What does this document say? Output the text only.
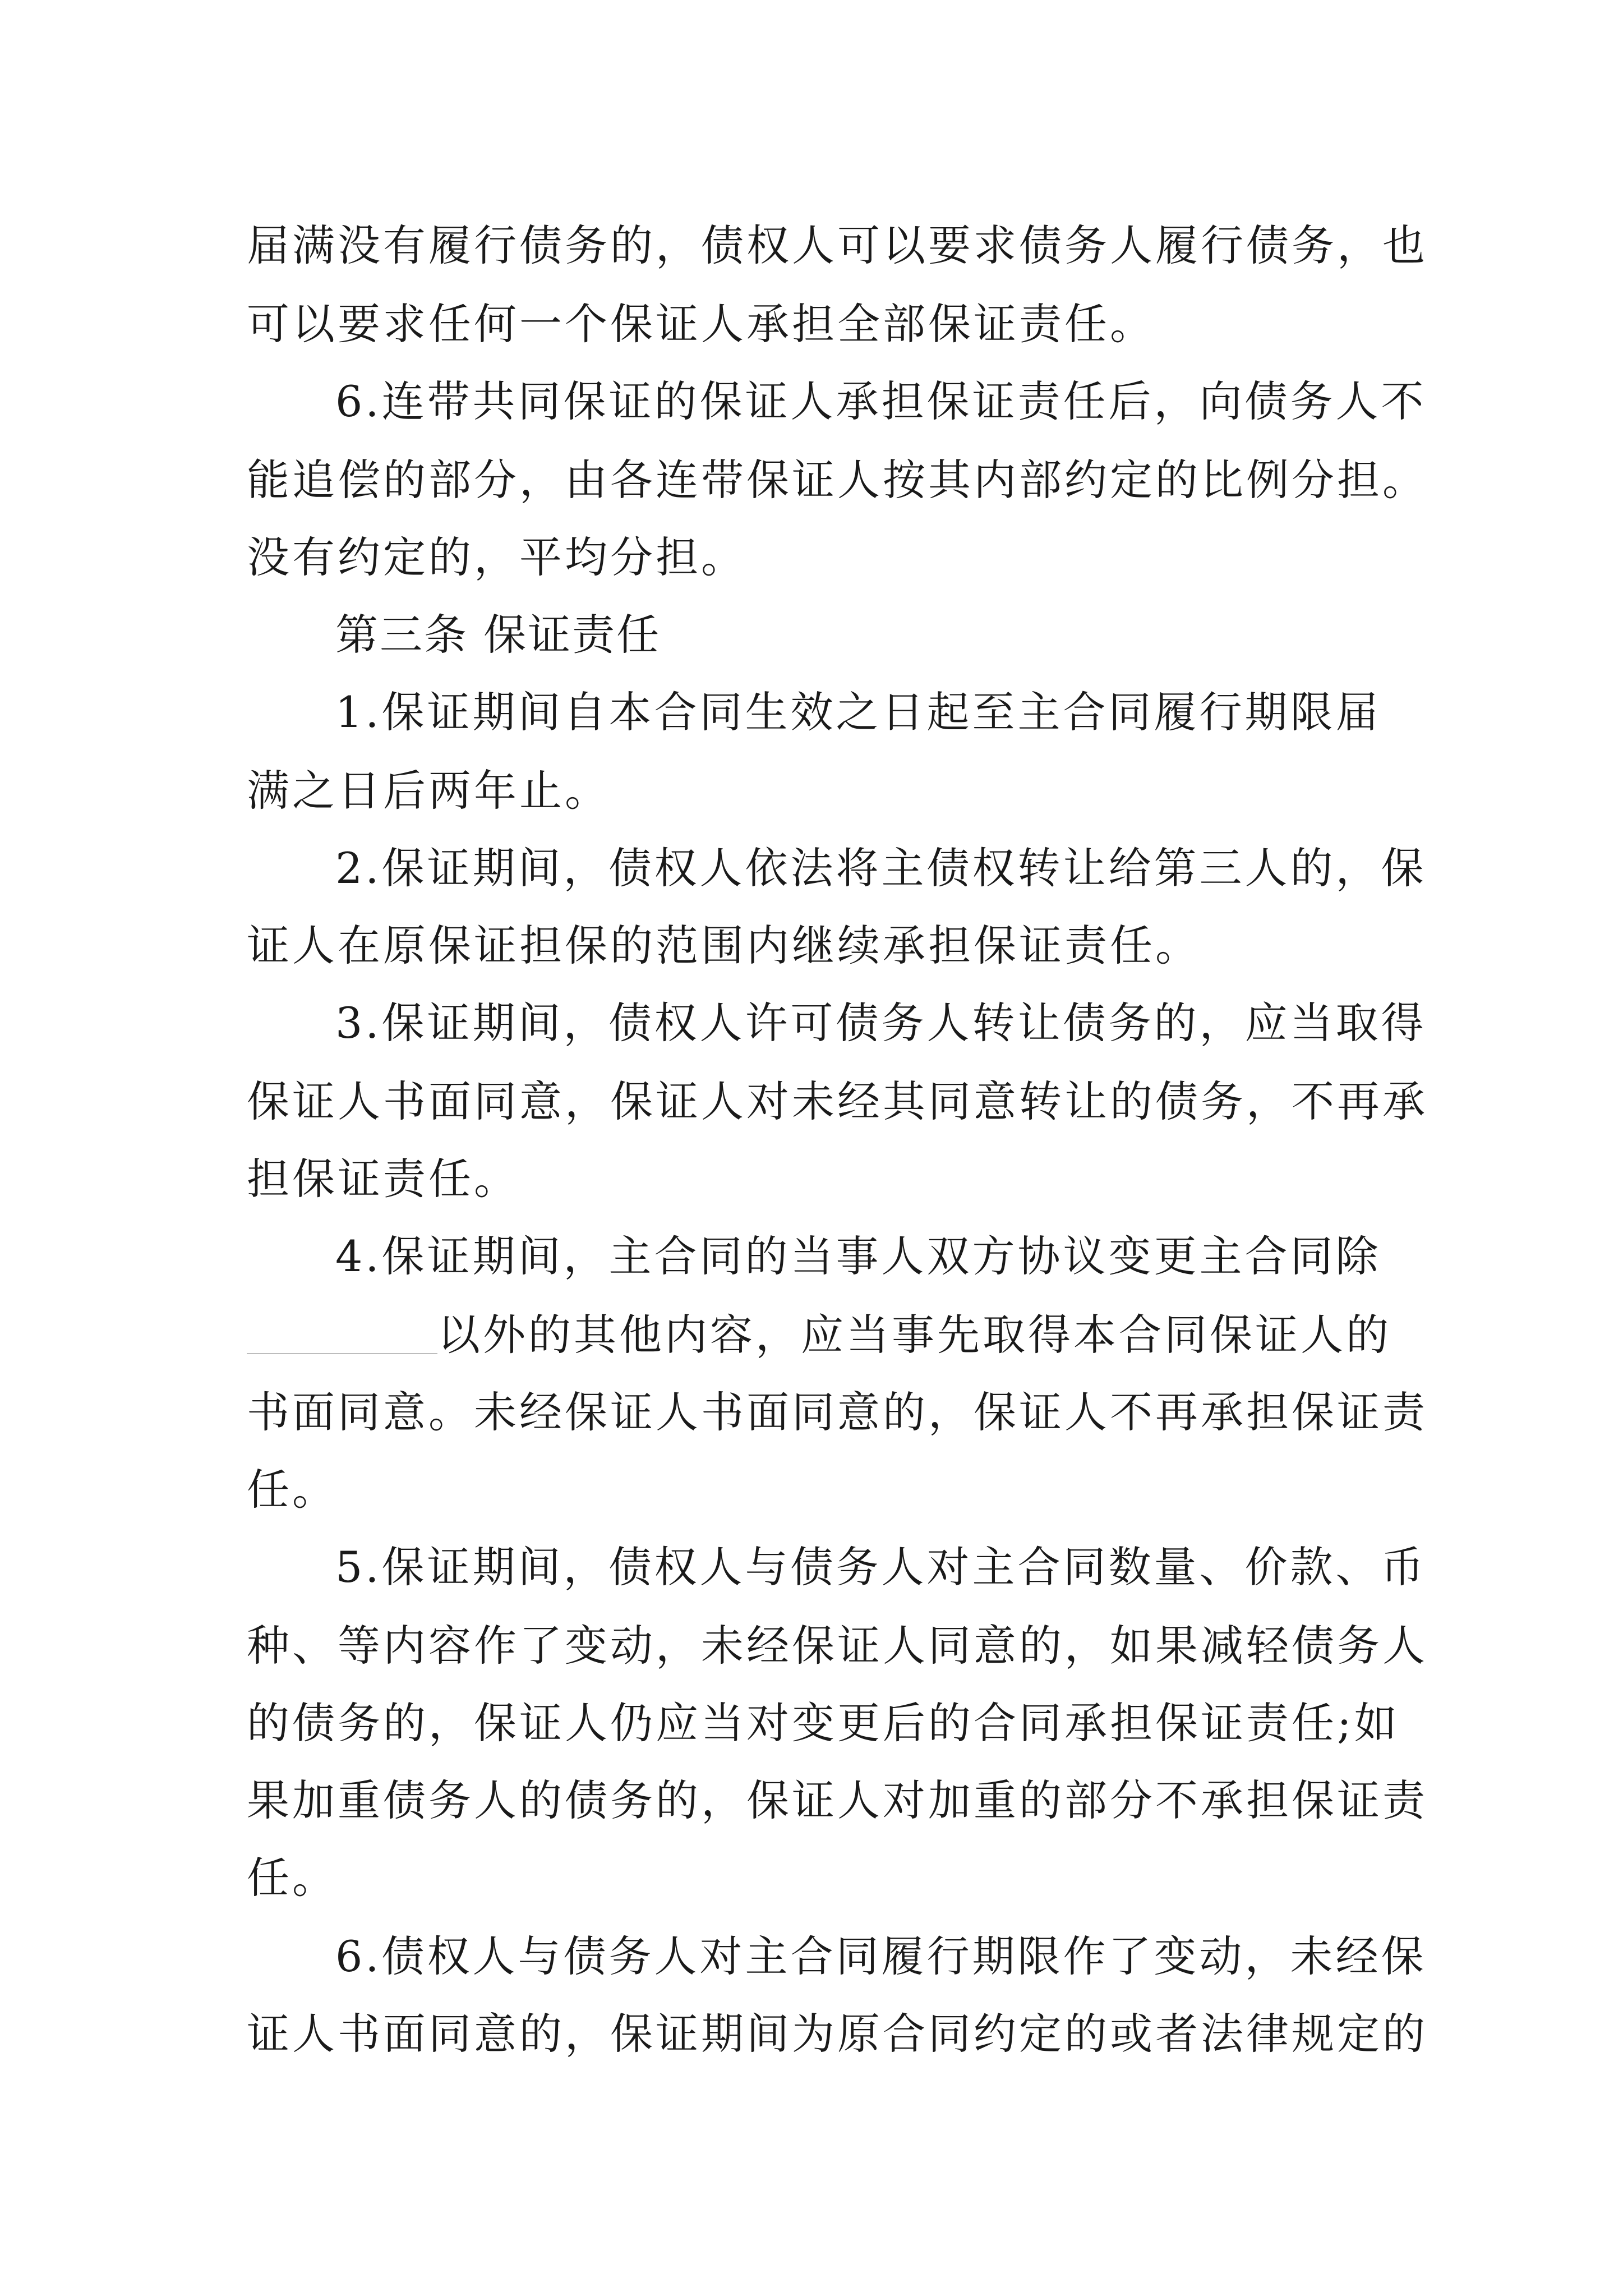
届满没有履行债务的，债权人可以要求债务人履行债务，也
可以要求任何一个保证人承担全部保证责任。
6.连带共同保证的保证人承担保证责任后，向债务人不
能追偿的部分，由各连带保证人按其内部约定的比例分担。
没有约定的，平均分担。
第三条 保证责任
1.保证期间自本合同生效之日起至主合同履行期限届
满之日后两年止。
2.保证期间，债权人依法将主债权转让给第三人的，保
证人在原保证担保的范围内继续承担保证责任。
3.保证期间，债权人许可债务人转让债务的，应当取得
保证人书面同意，保证人对未经其同意转让的债务，不再承
担保证责任。
4.保证期间，主合同的当事人双方协议变更主合同除
以外的其他内容，应当事先取得本合同保证人的
书面同意。未经保证人书面同意的，保证人不再承担保证责
任。
5.保证期间，债权人与债务人对主合同数量、价款、币
种、等内容作了变动，未经保证人同意的，如果减轻债务人
的债务的，保证人仍应当对变更后的合同承担保证责任;如
果加重债务人的债务的，保证人对加重的部分不承担保证责
任。
6.债权人与债务人对主合同履行期限作了变动，未经保
证人书面同意的，保证期间为原合同约定的或者法律规定的
